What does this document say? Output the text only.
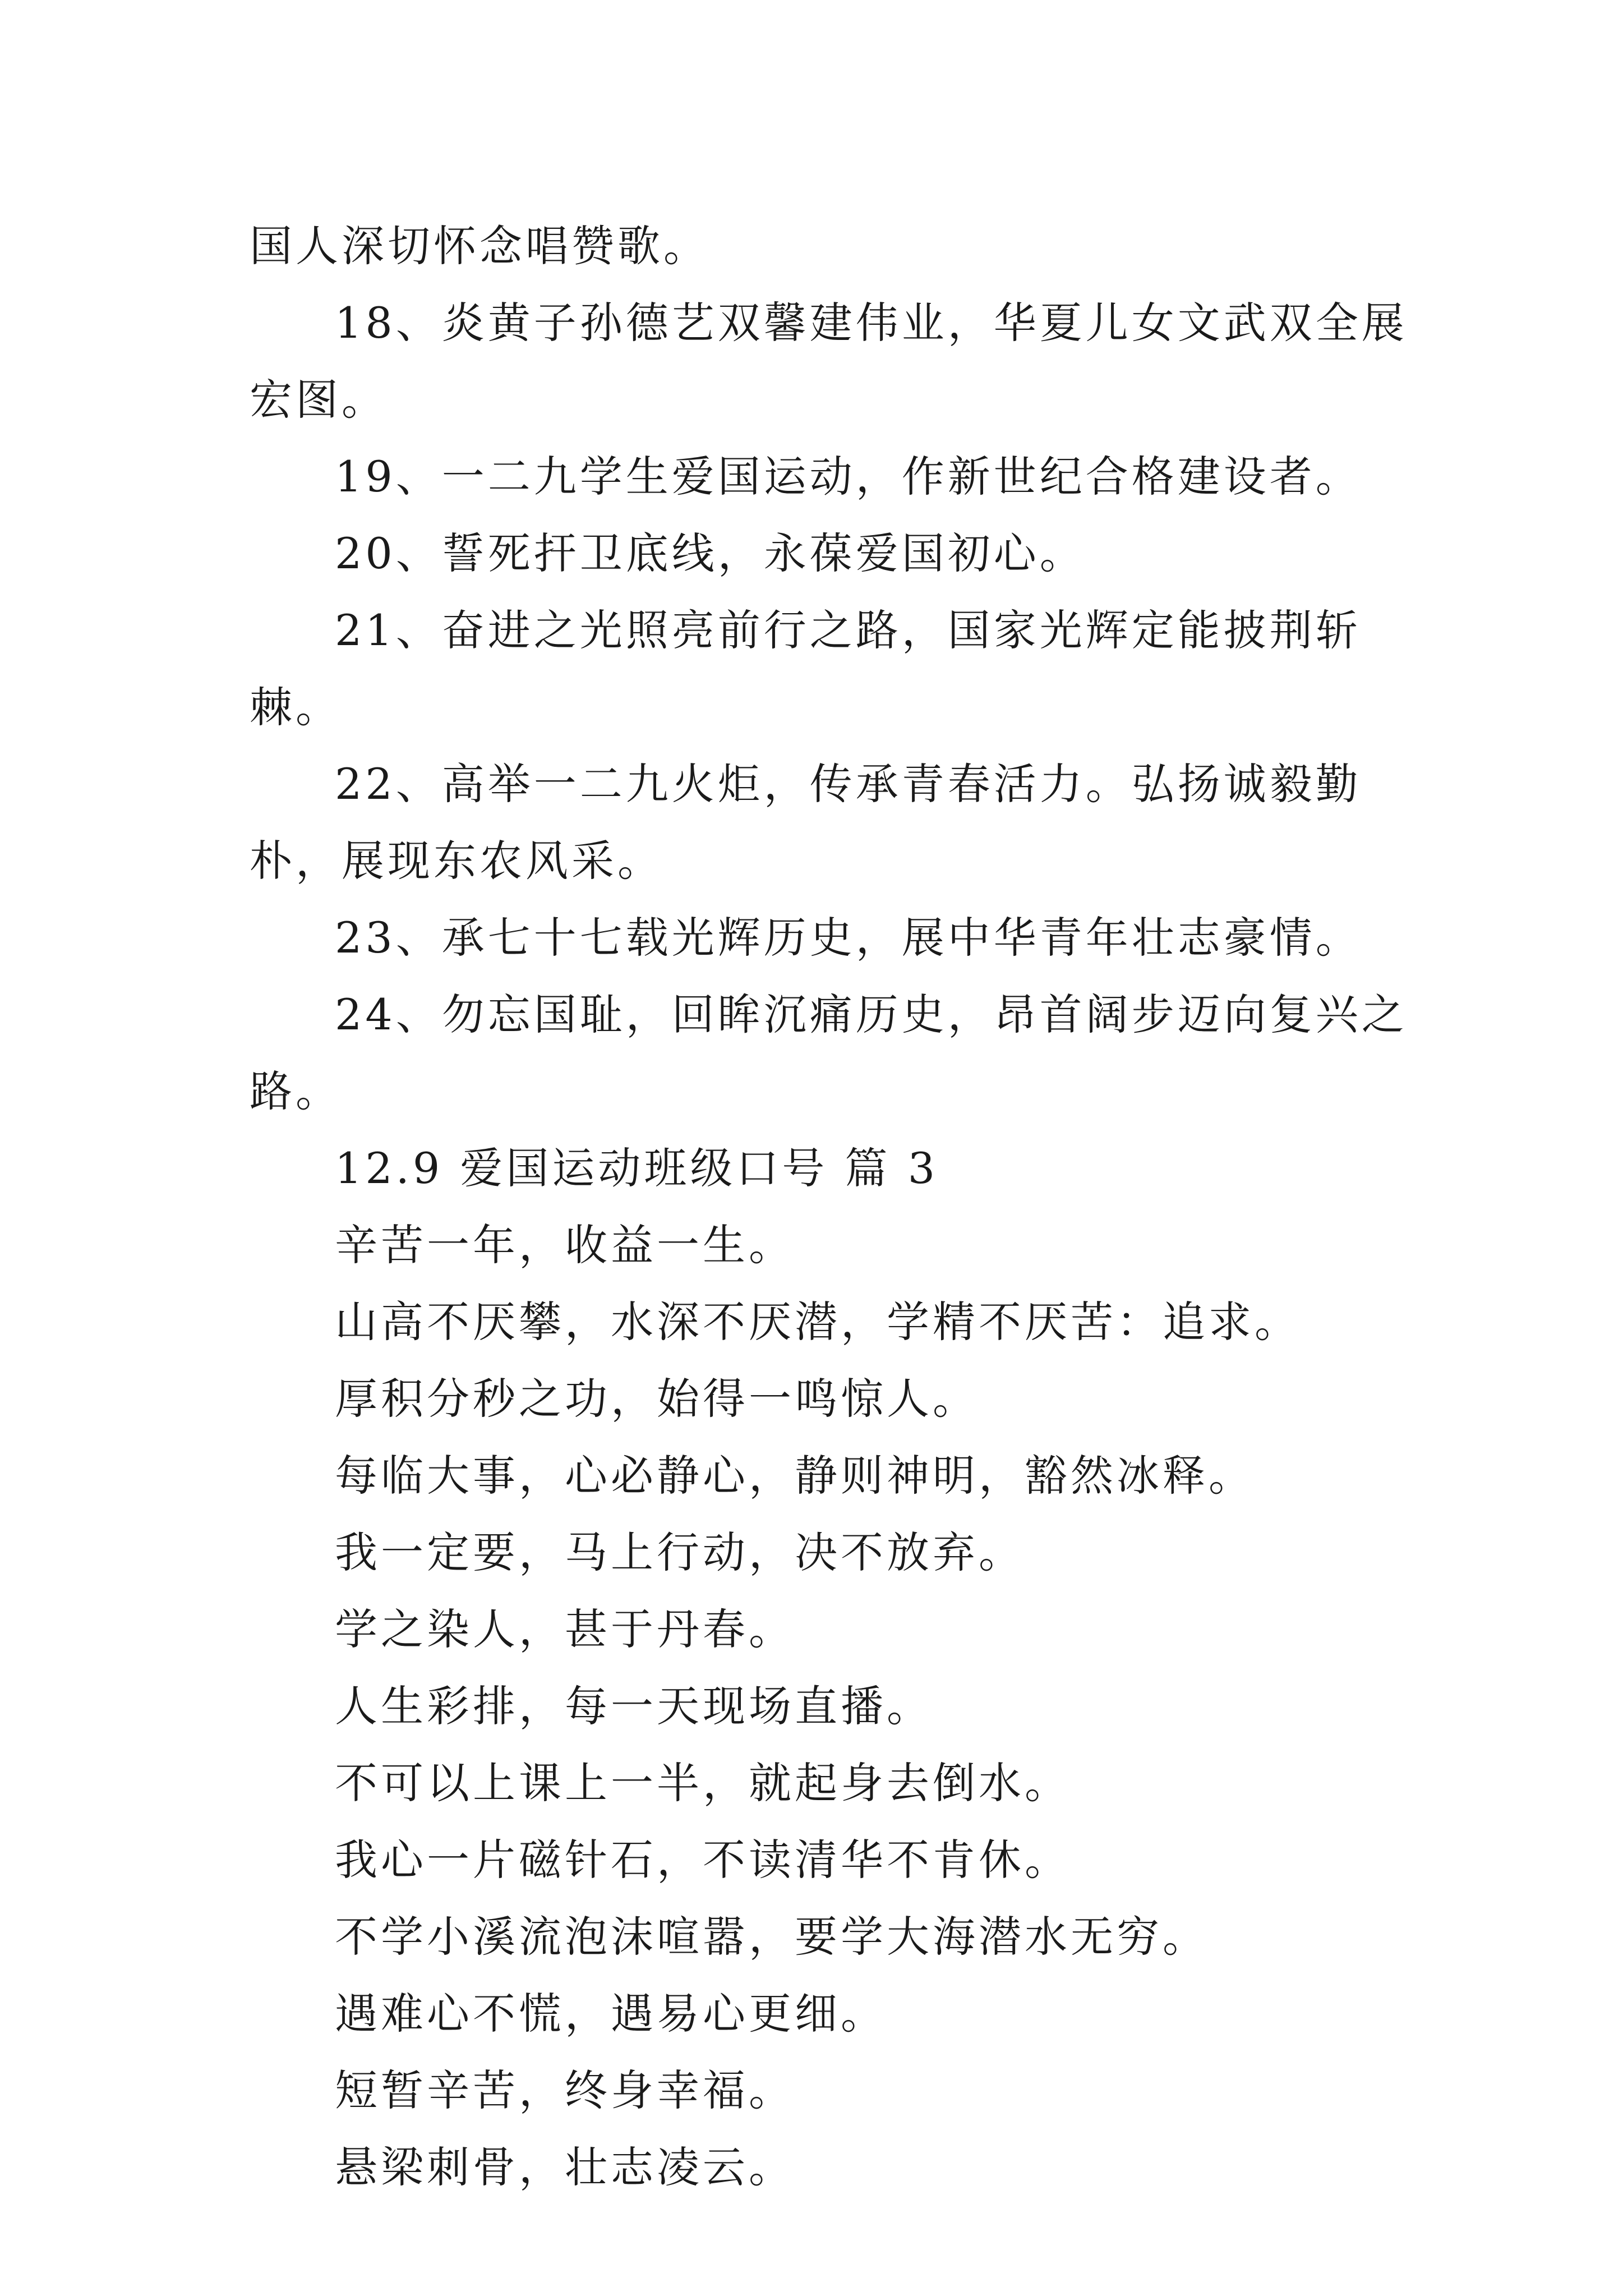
国人深切怀念唱赞歌。

18、炎黄子孙德艺双馨建伟业，华夏儿女文武双全展宏图。

19、一二九学生爱国运动，作新世纪合格建设者。

20、誓死扞卫底线，永葆爱国初心。

21、奋进之光照亮前行之路，国家光辉定能披荆斩棘。

22、高举一二九火炬，传承青春活力。弘扬诚毅勤朴，展现东农风采。

23、承七十七载光辉历史，展中华青年壮志豪情。

24、勿忘国耻，回眸沉痛历史，昂首阔步迈向复兴之路。

12.9 爱国运动班级口号 篇 3

辛苦一年，收益一生。

山高不厌攀，水深不厌潜，学精不厌苦：追求。

厚积分秒之功，始得一鸣惊人。

每临大事，心必静心，静则神明，豁然冰释。

我一定要，马上行动，决不放弃。

学之染人，甚于丹春。

人生彩排，每一天现场直播。

不可以上课上一半，就起身去倒水。

我心一片磁针石，不读清华不肯休。

不学小溪流泡沫喧嚣，要学大海潜水无穷。

遇难心不慌，遇易心更细。

短暂辛苦，终身幸福。

悬梁刺骨，壮志凌云。
